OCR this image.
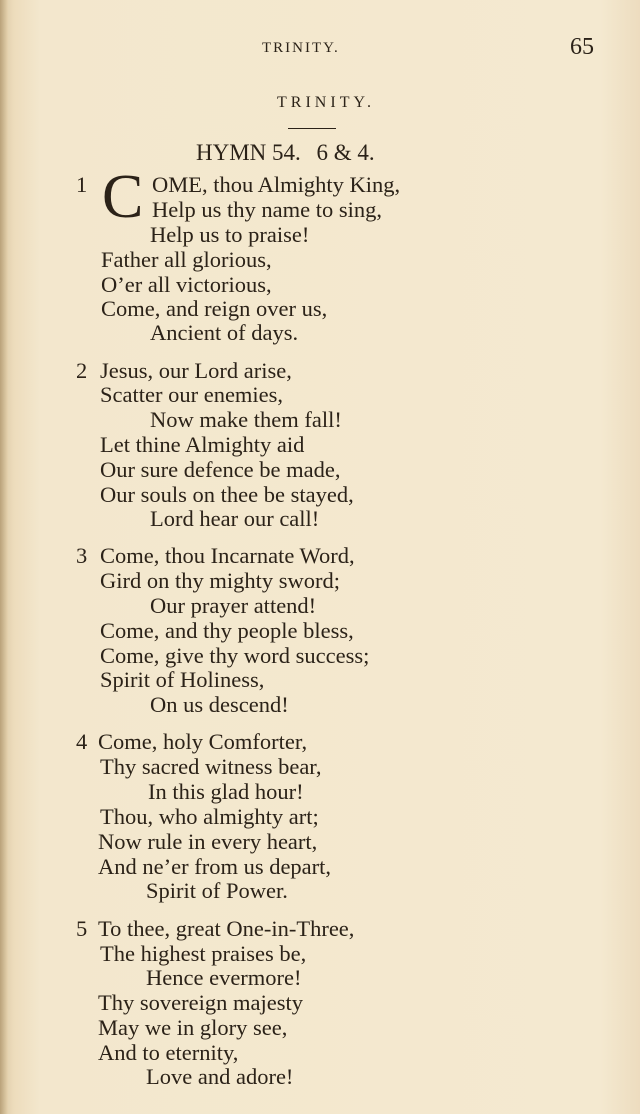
TRINITY.	65
TRINITY.
HYMN 54. 6 & 4.
1 C OME, thou Almighty King,
Help us thy name to sing,
Help us to praise!
Father all glorious,
O’er all victorious,
Come, and reign over us,
Ancient of days.
2 Jesus, our Lord arise,
Scatter our enemies,
Now make them fall!
Let thine Almighty aid
Our sure defence be made,
Our souls on thee be stayed,
Lord hear our call!
3 Come, thou Incarnate Word,
Gird on thy mighty sword;
Our prayer attend!
Come, and thy people bless,
Come, give thy word success;
Spirit of Holiness,
On us descend!
4 Come, holy Comforter,
Thy sacred witness bear,
In this glad hour!
Thou, who almighty art;
Now rule in every heart,
And ne’er from us depart,
Spirit of Power.
5 To thee, great One-in-Three,
The highest praises be,
Hence evermore!
Thy sovereign majesty
May we in glory see,
And to eternity,
Love and adore!
